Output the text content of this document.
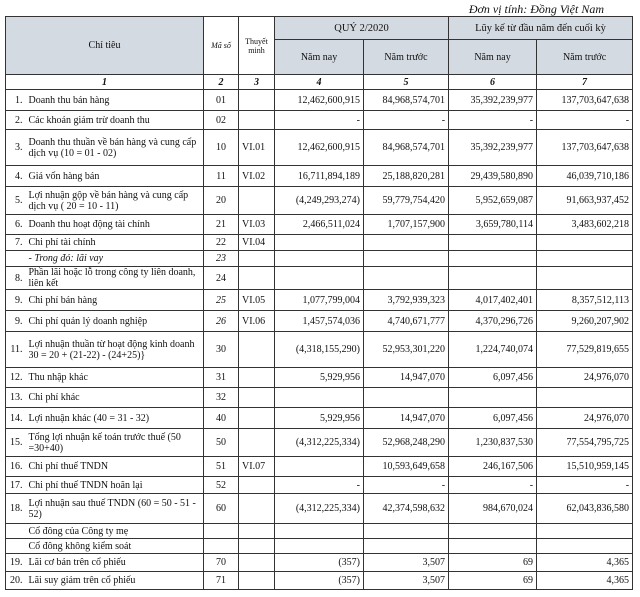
Đơn vị tính: Đồng Việt Nam
Chỉ tiêu		Mã số	Thuyết minh	QUÝ 2/2020		Lũy kế từ đầu năm đến cuối kỳ	
				Năm nay	Năm trước	Năm nay	Năm trước
1		2	3	4	5	6	7
1.	Doanh thu bán hàng	01		12,462,600,915	84,968,574,701	35,392,239,977	137,703,647,638
2.	Các khoản giảm trừ doanh thu	02		-	-	-	-
3.	Doanh thu thuần về bán hàng và cung cấp dịch vụ (10 = 01 - 02)	10	VI.01	12,462,600,915	84,968,574,701	35,392,239,977	137,703,647,638
4.	Giá vốn hàng bán	11	VI.02	16,711,894,189	25,188,820,281	29,439,580,890	46,039,710,186
5.	Lợi nhuận gộp về bán hàng và cung cấp dịch vụ ( 20 = 10 - 11)	20		(4,249,293,274)	59,779,754,420	5,952,659,087	91,663,937,452
6.	Doanh thu hoạt động tài chính	21	VI.03	2,466,511,024	1,707,157,900	3,659,780,114	3,483,602,218
7.	Chi phí tài chính	22	VI.04				
	- Trong đó: lãi vay	23					
8.	Phần lãi hoặc lỗ trong công ty liên doanh, liên kết	24					
9.	Chi phí bán hàng	25	VI.05	1,077,799,004	3,792,939,323	4,017,402,401	8,357,512,113
9.	Chi phí quản lý doanh nghiệp	26	VI.06	1,457,574,036	4,740,671,777	4,370,296,726	9,260,207,902
11.	Lợi nhuận thuần từ hoạt động kinh doanh 30 = 20 + (21-22) - (24+25)}	30		(4,318,155,290)	52,953,301,220	1,224,740,074	77,529,819,655
12.	Thu nhập khác	31		5,929,956	14,947,070	6,097,456	24,976,070
13.	Chi phí khác	32					
14.	Lợi nhuận khác (40 = 31 - 32)	40		5,929,956	14,947,070	6,097,456	24,976,070
15.	Tổng lợi nhuận kế toán trước thuế (50 =30+40)	50		(4,312,225,334)	52,968,248,290	1,230,837,530	77,554,795,725
16.	Chi phí thuế TNDN	51	VI.07		10,593,649,658	246,167,506	15,510,959,145
17.	Chi phí thuế TNDN hoãn lại	52		-	-	-	-
18.	Lợi nhuận sau thuế TNDN (60 = 50 - 51 - 52)	60		(4,312,225,334)	42,374,598,632	984,670,024	62,043,836,580
	Cổ đông của Công ty mẹ						
	Cổ đông không kiểm soát						
19.	Lãi cơ bản trên cổ phiếu	70		(357)	3,507	69	4,365
20.	Lãi suy giảm trên cổ phiếu	71		(357)	3,507	69	4,365
